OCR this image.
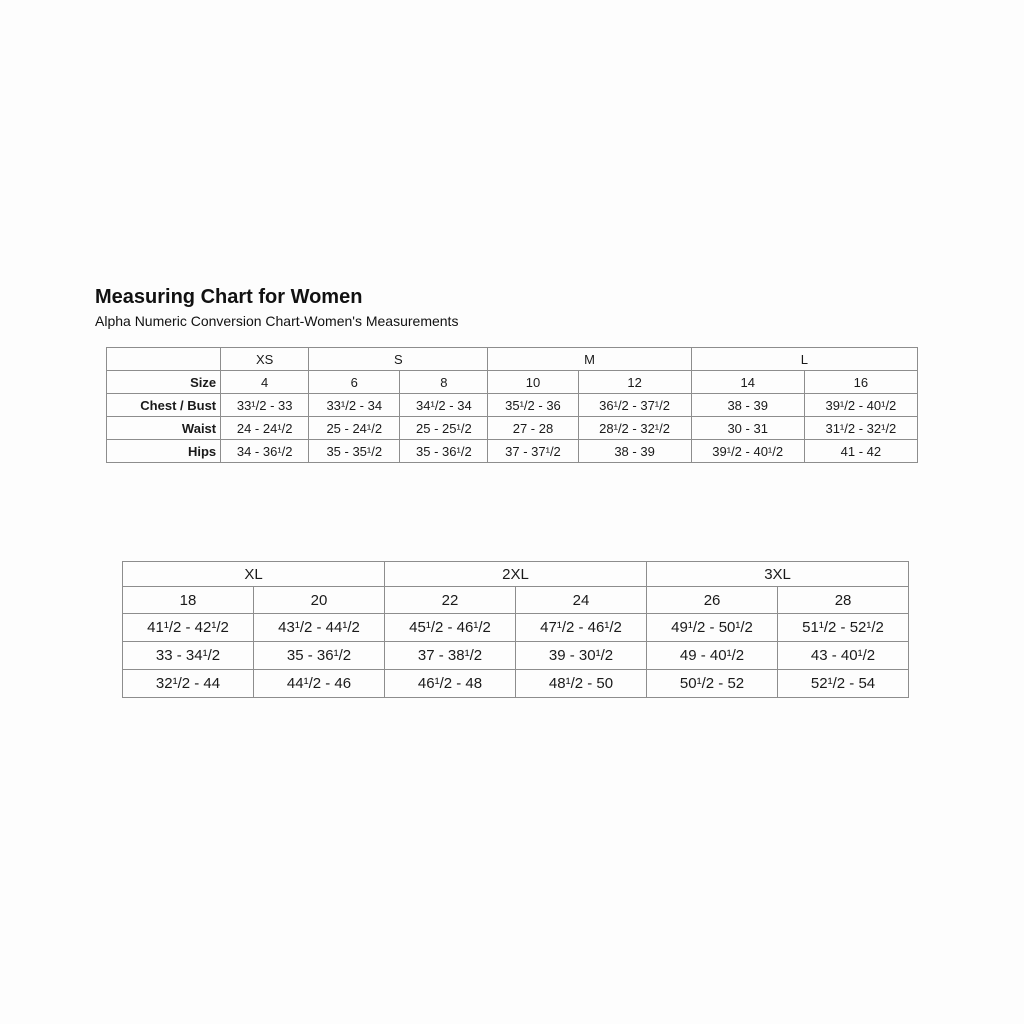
Measuring Chart for Women
Alpha Numeric Conversion Chart-Women's Measurements
	XS	S		M		L	
Size	4	6	8	10	12	14	16
Chest / Bust	33¹/2 - 33	33¹/2 - 34	34¹/2 - 34	35¹/2 - 36	36¹/2 - 37¹/2	38 - 39	39¹/2 - 40¹/2
Waist	24 - 24¹/2	25 - 24¹/2	25 - 25¹/2	27 - 28	28¹/2 - 32¹/2	30 - 31	31¹/2 - 32¹/2
Hips	34 - 36¹/2	35 - 35¹/2	35 - 36¹/2	37 - 37¹/2	38 - 39	39¹/2 - 40¹/2	41 - 42
XL		2XL		3XL	
18	20	22	24	26	28
41¹/2 - 42¹/2	43¹/2 - 44¹/2	45¹/2 - 46¹/2	47¹/2 - 46¹/2	49¹/2 - 50¹/2	51¹/2 - 52¹/2
33 - 34¹/2	35 - 36¹/2	37 - 38¹/2	39 - 30¹/2	49 - 40¹/2	43 - 40¹/2
32¹/2 - 44	44¹/2 - 46	46¹/2 - 48	48¹/2 - 50	50¹/2 - 52	52¹/2 - 54
